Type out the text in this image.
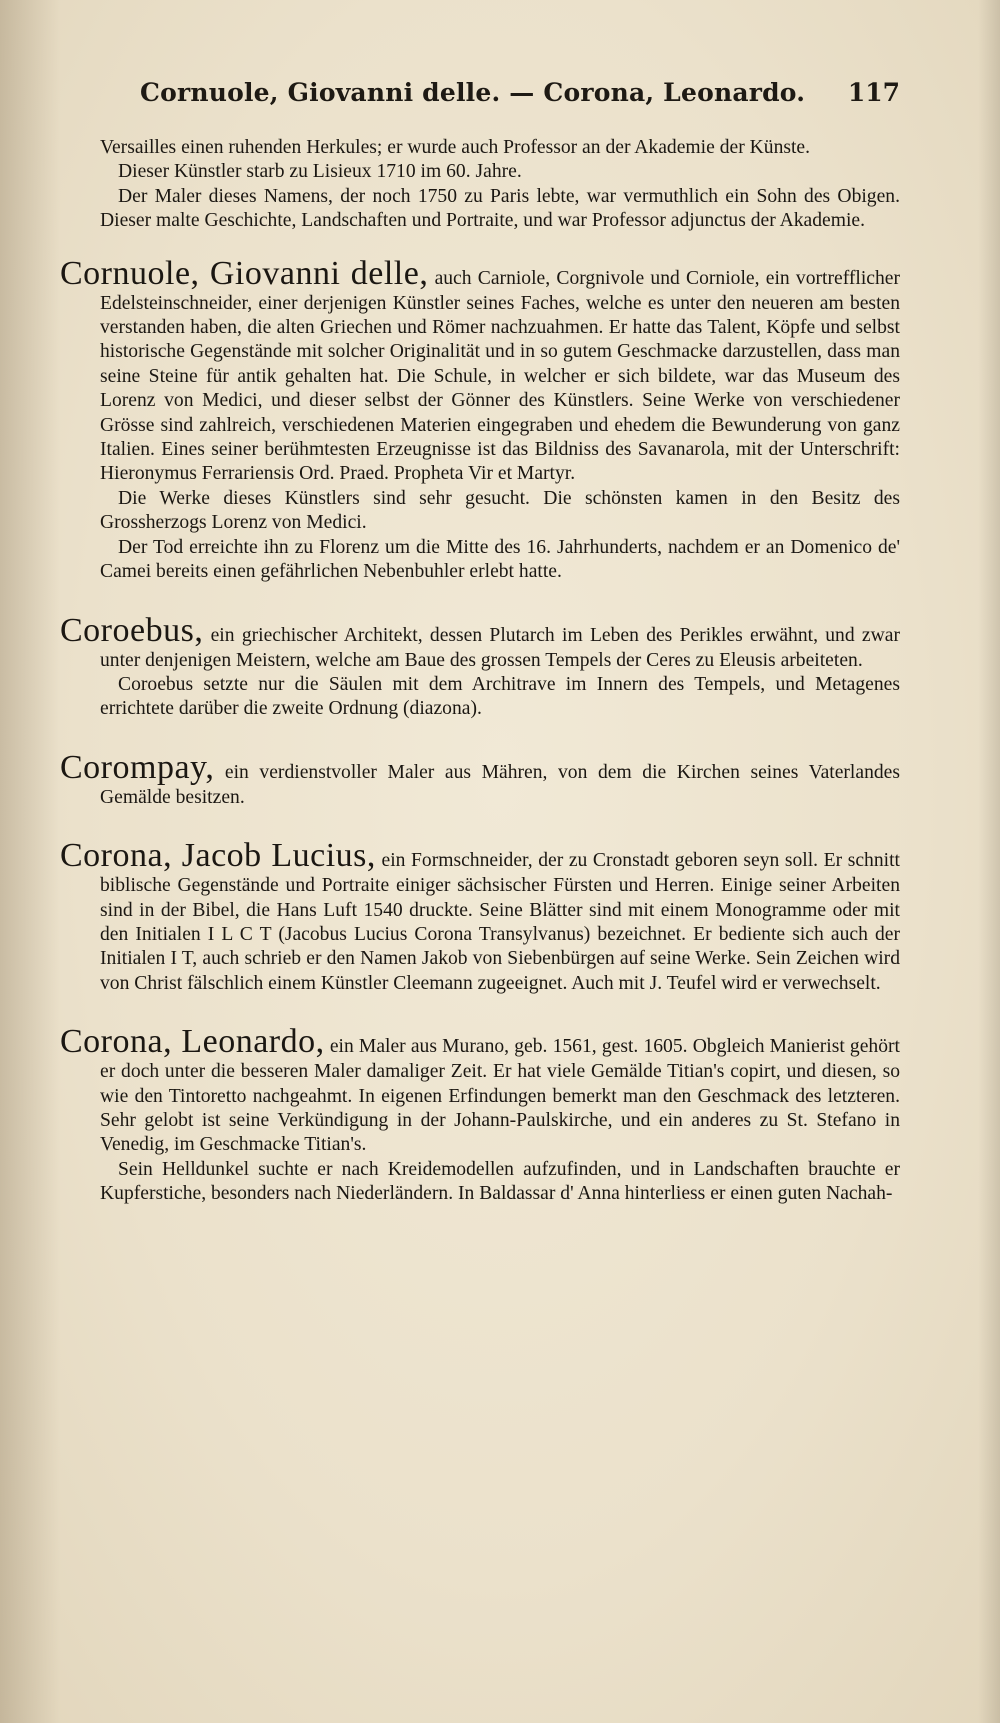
Cornuole, Giovanni delle. — Corona, Leonardo. 117

Versailles einen ruhenden Herkules; er wurde auch Professor an der Akademie der Künste.

Dieser Künstler starb zu Lisieux 1710 im 60. Jahre.

Der Maler dieses Namens, der noch 1750 zu Paris lebte, war vermuthlich ein Sohn des Obigen. Dieser malte Geschichte, Landschaften und Portraite, und war Professor adjunctus der Akademie.

Cornuole, Giovanni delle, auch Carniole, Corgnivole und Corniole, ein vortrefflicher Edelsteinschneider, einer derjenigen Künstler seines Faches, welche es unter den neueren am besten verstanden haben, die alten Griechen und Römer nachzuahmen. Er hatte das Talent, Köpfe und selbst historische Gegenstände mit solcher Originalität und in so gutem Geschmacke darzustellen, dass man seine Steine für antik gehalten hat. Die Schule, in welcher er sich bildete, war das Museum des Lorenz von Medici, und dieser selbst der Gönner des Künstlers. Seine Werke von verschiedener Grösse sind zahlreich, verschiedenen Materien eingegraben und ehedem die Bewunderung von ganz Italien. Eines seiner berühmtesten Erzeugnisse ist das Bildniss des Savanarola, mit der Unterschrift: Hieronymus Ferrariensis Ord. Praed. Propheta Vir et Martyr.

Die Werke dieses Künstlers sind sehr gesucht. Die schönsten kamen in den Besitz des Grossherzogs Lorenz von Medici.

Der Tod erreichte ihn zu Florenz um die Mitte des 16. Jahrhunderts, nachdem er an Domenico de' Camei bereits einen gefährlichen Nebenbuhler erlebt hatte.

Coroebus, ein griechischer Architekt, dessen Plutarch im Leben des Perikles erwähnt, und zwar unter denjenigen Meistern, welche am Baue des grossen Tempels der Ceres zu Eleusis arbeiteten.

Coroebus setzte nur die Säulen mit dem Architrave im Innern des Tempels, und Metagenes errichtete darüber die zweite Ordnung (diazona).

Corompay, ein verdienstvoller Maler aus Mähren, von dem die Kirchen seines Vaterlandes Gemälde besitzen.

Corona, Jacob Lucius, ein Formschneider, der zu Cronstadt geboren seyn soll. Er schnitt biblische Gegenstände und Portraite einiger sächsischer Fürsten und Herren. Einige seiner Arbeiten sind in der Bibel, die Hans Luft 1540 druckte. Seine Blätter sind mit einem Monogramme oder mit den Initialen I L C T (Jacobus Lucius Corona Transylvanus) bezeichnet. Er bediente sich auch der Initialen I T, auch schrieb er den Namen Jakob von Siebenbürgen auf seine Werke. Sein Zeichen wird von Christ fälschlich einem Künstler Cleemann zugeeignet. Auch mit J. Teufel wird er verwechselt.

Corona, Leonardo, ein Maler aus Murano, geb. 1561, gest. 1605. Obgleich Manierist gehört er doch unter die besseren Maler damaliger Zeit. Er hat viele Gemälde Titian's copirt, und diesen, so wie den Tintoretto nachgeahmt. In eigenen Erfindungen bemerkt man den Geschmack des letzteren. Sehr gelobt ist seine Verkündigung in der Johann-Paulskirche, und ein anderes zu St. Stefano in Venedig, im Geschmacke Titian's.

Sein Helldunkel suchte er nach Kreidemodellen aufzufinden, und in Landschaften brauchte er Kupferstiche, besonders nach Niederländern. In Baldassar d' Anna hinterliess er einen guten Nachah-
